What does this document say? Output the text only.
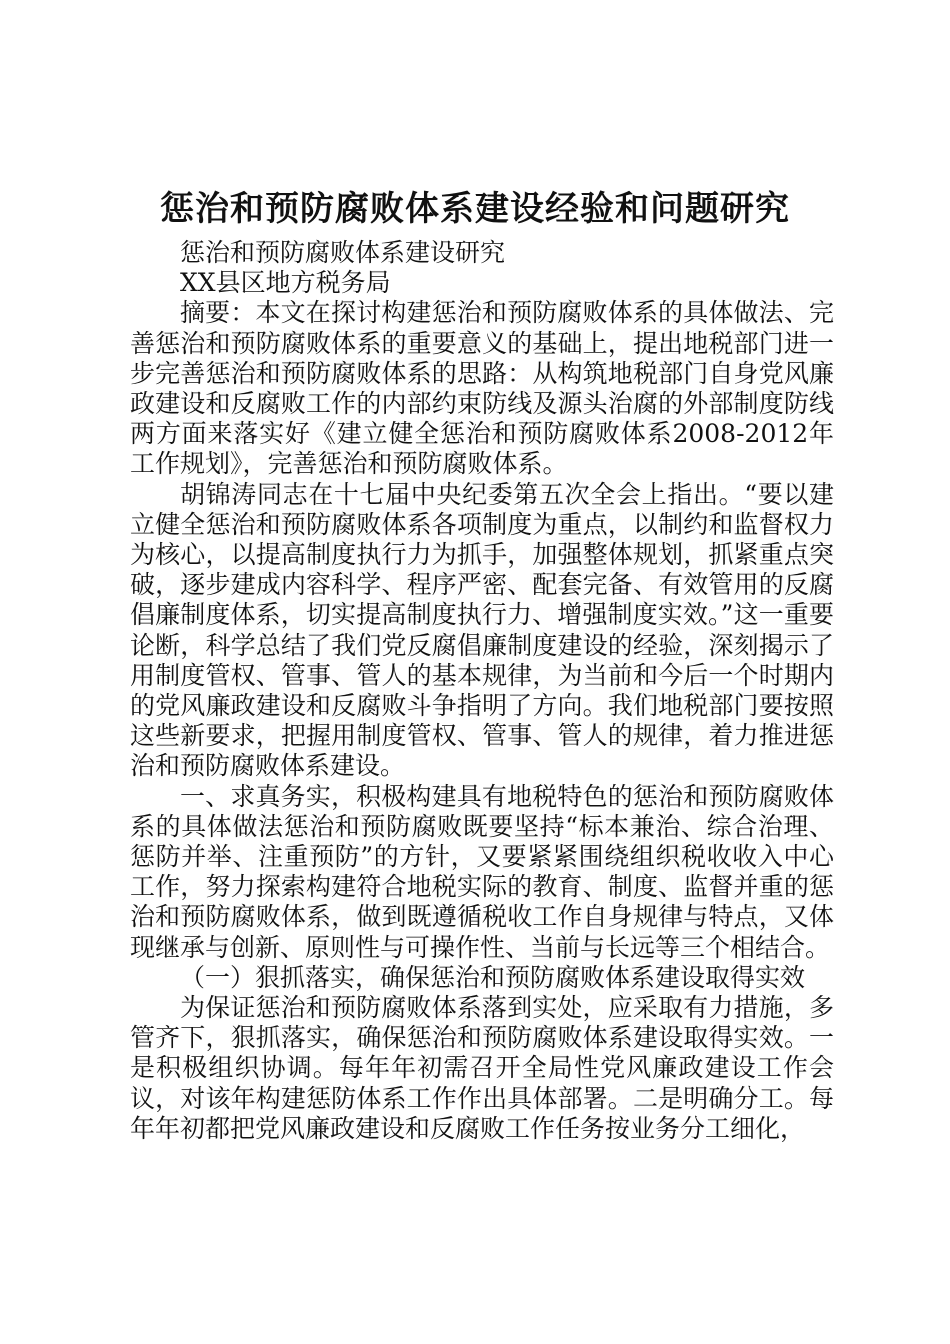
惩治和预防腐败体系建设经验和问题研究

惩治和预防腐败体系建设研究

XX县区地方税务局

摘要：本文在探讨构建惩治和预防腐败体系的具体做法、完善惩治和预防腐败体系的重要意义的基础上，提出地税部门进一步完善惩治和预防腐败体系的思路：从构筑地税部门自身党风廉政建设和反腐败工作的内部约束防线及源头治腐的外部制度防线两方面来落实好《建立健全惩治和预防腐败体系2008-2012年工作规划》，完善惩治和预防腐败体系。

胡锦涛同志在十七届中央纪委第五次全会上指出。“要以建立健全惩治和预防腐败体系各项制度为重点，以制约和监督权力为核心，以提高制度执行力为抓手，加强整体规划，抓紧重点突破，逐步建成内容科学、程序严密、配套完备、有效管用的反腐倡廉制度体系，切实提高制度执行力、增强制度实效。”这一重要论断，科学总结了我们党反腐倡廉制度建设的经验，深刻揭示了用制度管权、管事、管人的基本规律，为当前和今后一个时期内的党风廉政建设和反腐败斗争指明了方向。我们地税部门要按照这些新要求，把握用制度管权、管事、管人的规律，着力推进惩治和预防腐败体系建设。

一、求真务实，积极构建具有地税特色的惩治和预防腐败体系的具体做法惩治和预防腐败既要坚持“标本兼治、综合治理、惩防并举、注重预防”的方针，又要紧紧围绕组织税收收入中心工作，努力探索构建符合地税实际的教育、制度、监督并重的惩治和预防腐败体系，做到既遵循税收工作自身规律与特点，又体现继承与创新、原则性与可操作性、当前与长远等三个相结合。

（一）狠抓落实，确保惩治和预防腐败体系建设取得实效

为保证惩治和预防腐败体系落到实处，应采取有力措施，多管齐下，狠抓落实，确保惩治和预防腐败体系建设取得实效。一是积极组织协调。每年年初需召开全局性党风廉政建设工作会议，对该年构建惩防体系工作作出具体部署。二是明确分工。每年年初都把党风廉政建设和反腐败工作任务按业务分工细化，
